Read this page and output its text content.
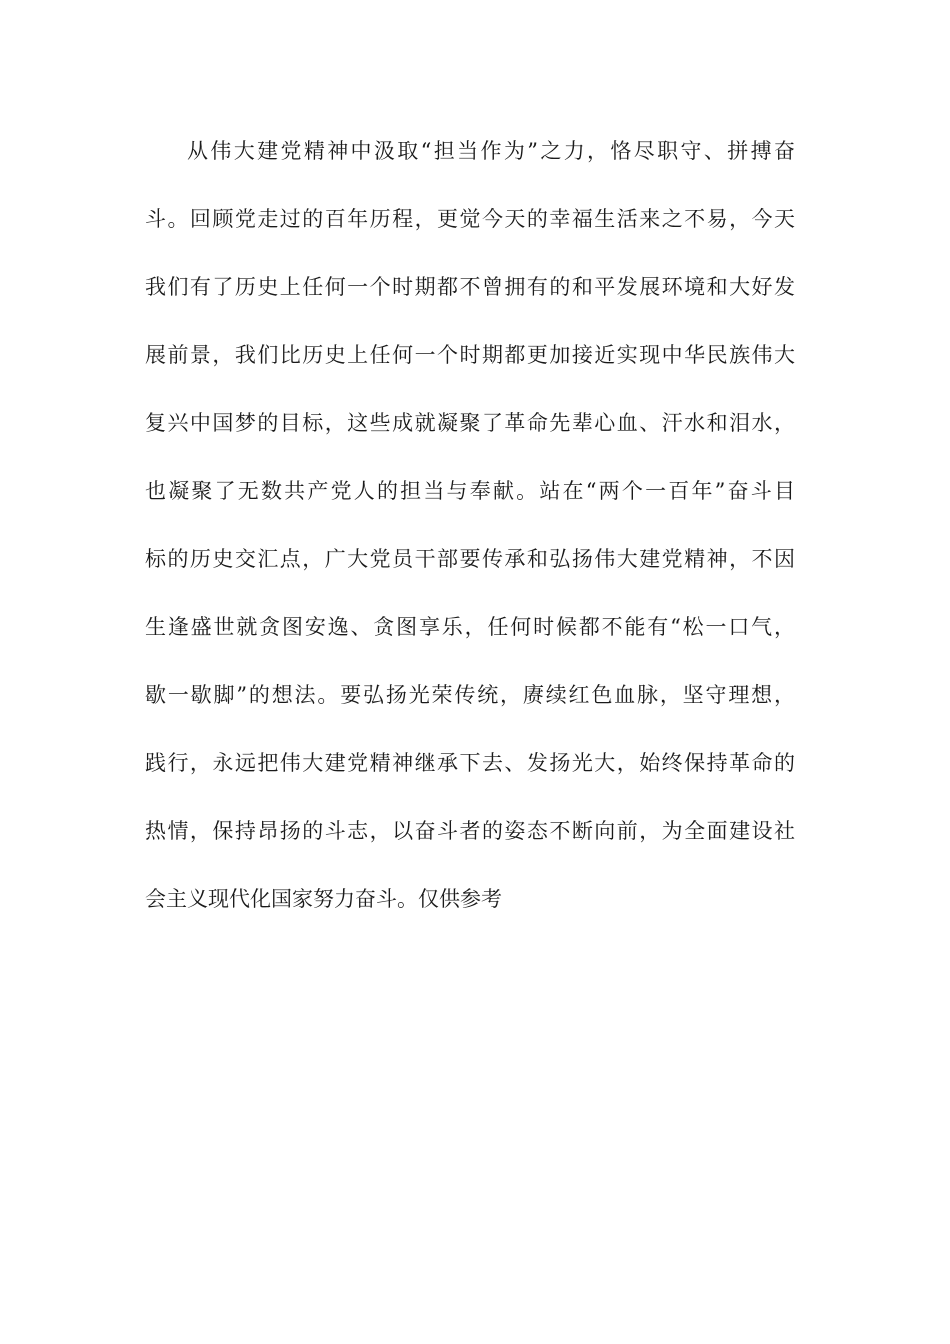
从伟大建党精神中汲取“担当作为”之力，恪尽职守、拼搏奋
斗。回顾党走过的百年历程，更觉今天的幸福生活来之不易，今天
我们有了历史上任何一个时期都不曾拥有的和平发展环境和大好发
展前景，我们比历史上任何一个时期都更加接近实现中华民族伟大
复兴中国梦的目标，这些成就凝聚了革命先辈心血、汗水和泪水，
也凝聚了无数共产党人的担当与奉献。站在“两个一百年”奋斗目
标的历史交汇点，广大党员干部要传承和弘扬伟大建党精神，不因
生逢盛世就贪图安逸、贪图享乐，任何时候都不能有“松一口气，
歇一歇脚”的想法。要弘扬光荣传统，赓续红色血脉，坚守理想，
践行，永远把伟大建党精神继承下去、发扬光大，始终保持革命的
热情，保持昂扬的斗志，以奋斗者的姿态不断向前，为全面建设社
会主义现代化国家努力奋斗。仅供参考
